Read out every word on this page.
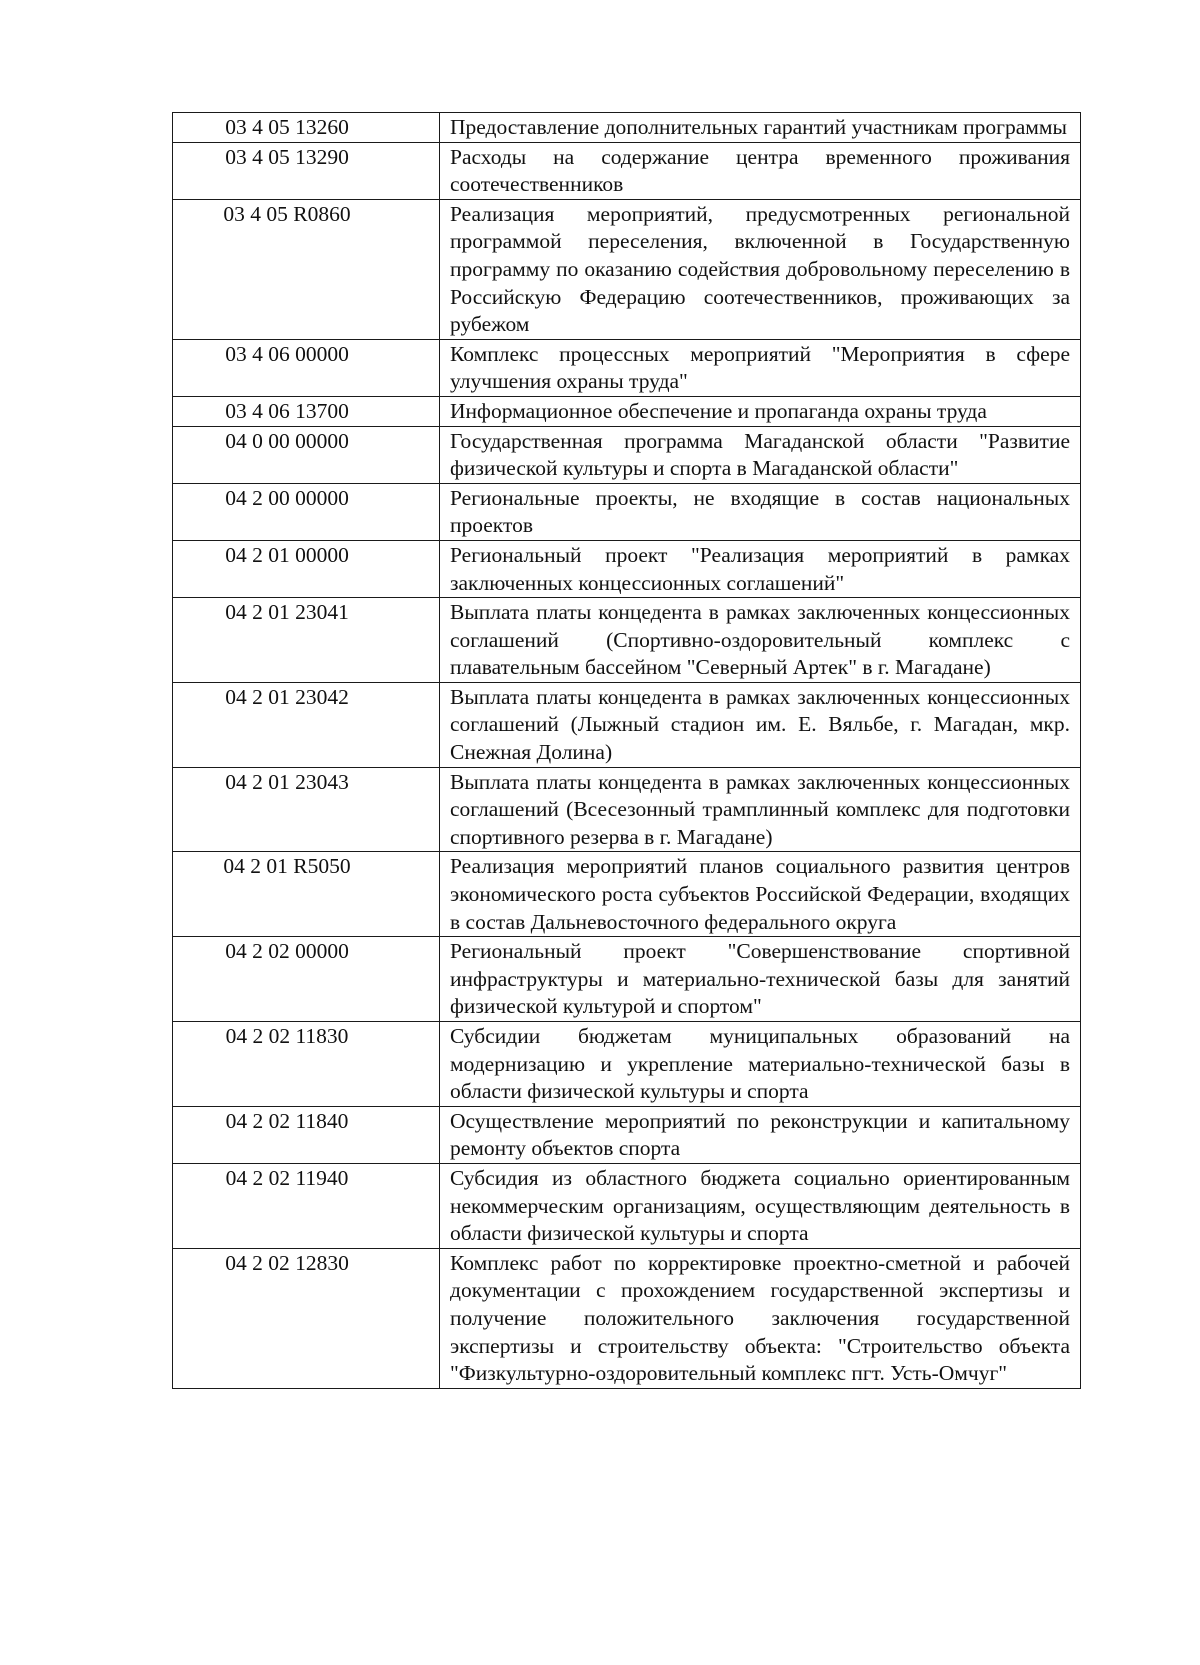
03 4 05 13260	Предоставление дополнительных гарантий участникам программы
03 4 05 13290	Расходы на содержание центра временного проживания соотечественников
03 4 05 R0860	Реализация мероприятий, предусмотренных региональной программой переселения, включенной в Государственную программу по оказанию содействия добровольному переселению в Российскую Федерацию соотечественников, проживающих за рубежом
03 4 06 00000	Комплекс процессных мероприятий "Мероприятия в сфере улучшения охраны труда"
03 4 06 13700	Информационное обеспечение и пропаганда охраны труда
04 0 00 00000	Государственная программа Магаданской области "Развитие физической культуры и спорта в Магаданской области"
04 2 00 00000	Региональные проекты, не входящие в состав национальных проектов
04 2 01 00000	Региональный проект "Реализация мероприятий в рамках заключенных концессионных соглашений"
04 2 01 23041	Выплата платы концедента в рамках заключенных концессионных соглашений (Спортивно-оздоровительный комплекс с плавательным бассейном "Северный Артек" в г. Магадане)
04 2 01 23042	Выплата платы концедента в рамках заключенных концессионных соглашений (Лыжный стадион им. Е. Вяльбе, г. Магадан, мкр. Снежная Долина)
04 2 01 23043	Выплата платы концедента в рамках заключенных концессионных соглашений (Всесезонный трамплинный комплекс для подготовки спортивного резерва в г. Магадане)
04 2 01 R5050	Реализация мероприятий планов социального развития центров экономического роста субъектов Российской Федерации, входящих в состав Дальневосточного федерального округа
04 2 02 00000	Региональный проект "Совершенствование спортивной инфраструктуры и материально-технической базы для занятий физической культурой и спортом"
04 2 02 11830	Субсидии бюджетам муниципальных образований на модернизацию и укрепление материально-технической базы в области физической культуры и спорта
04 2 02 11840	Осуществление мероприятий по реконструкции и капитальному ремонту объектов спорта
04 2 02 11940	Субсидия из областного бюджета социально ориентированным некоммерческим организациям, осуществляющим деятельность в области физической культуры и спорта
04 2 02 12830	Комплекс работ по корректировке проектно-сметной и рабочей документации с прохождением государственной экспертизы и получение положительного заключения государственной экспертизы и строительству объекта: "Строительство объекта "Физкультурно-оздоровительный комплекс пгт. Усть-Омчуг"
